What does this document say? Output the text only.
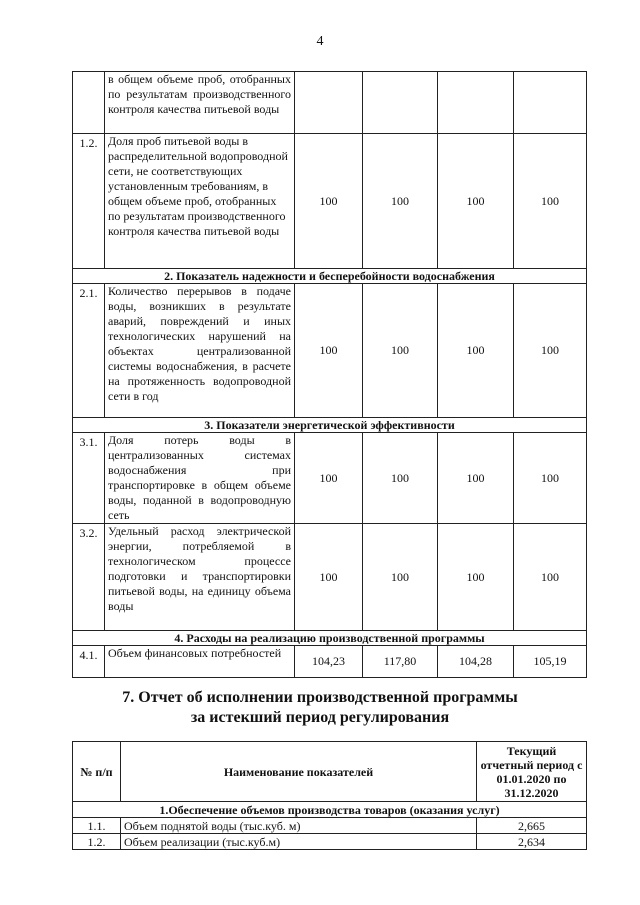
4
	в общем объеме проб, отобранных по результатам производственного контроля качества питьевой воды				
1.2.	Доля проб питьевой воды в распределительной водопроводной сети, не соответствующих установленным требованиям, в общем объеме проб, отобранных по результатам производственного контроля качества питьевой воды	100	100	100	100
2. Показатель надежности и бесперебойности водоснабжения					
2.1.	Количество перерывов в подаче воды, возникших в результате аварий, повреждений и иных технологических нарушений на объектах централизованной системы водоснабжения, в расчете на протяженность водопроводной сети в год	100	100	100	100
3. Показатели энергетической эффективности					
3.1.	Доля потерь воды в централизованных системах водоснабжения при транспортировке в общем объеме воды, поданной в водопроводную сеть	100	100	100	100
3.2.	Удельный расход электрической энергии, потребляемой в технологическом процессе подготовки и транспортировки питьевой воды, на единицу объема воды	100	100	100	100
4. Расходы на реализацию производственной программы					
4.1.	Объем финансовых потребностей	104,23	117,80	104,28	105,19
7. Отчет об исполнении производственной программы
за истекший период регулирования
№ п/п	Наименование показателей	Текущий отчетный период с 01.01.2020 по 31.12.2020
1.Обеспечение объемов производства товаров (оказания услуг)		
1.1.	Объем поднятой воды (тыс.куб. м)	2,665
1.2.	Объем реализации (тыс.куб.м)	2,634
